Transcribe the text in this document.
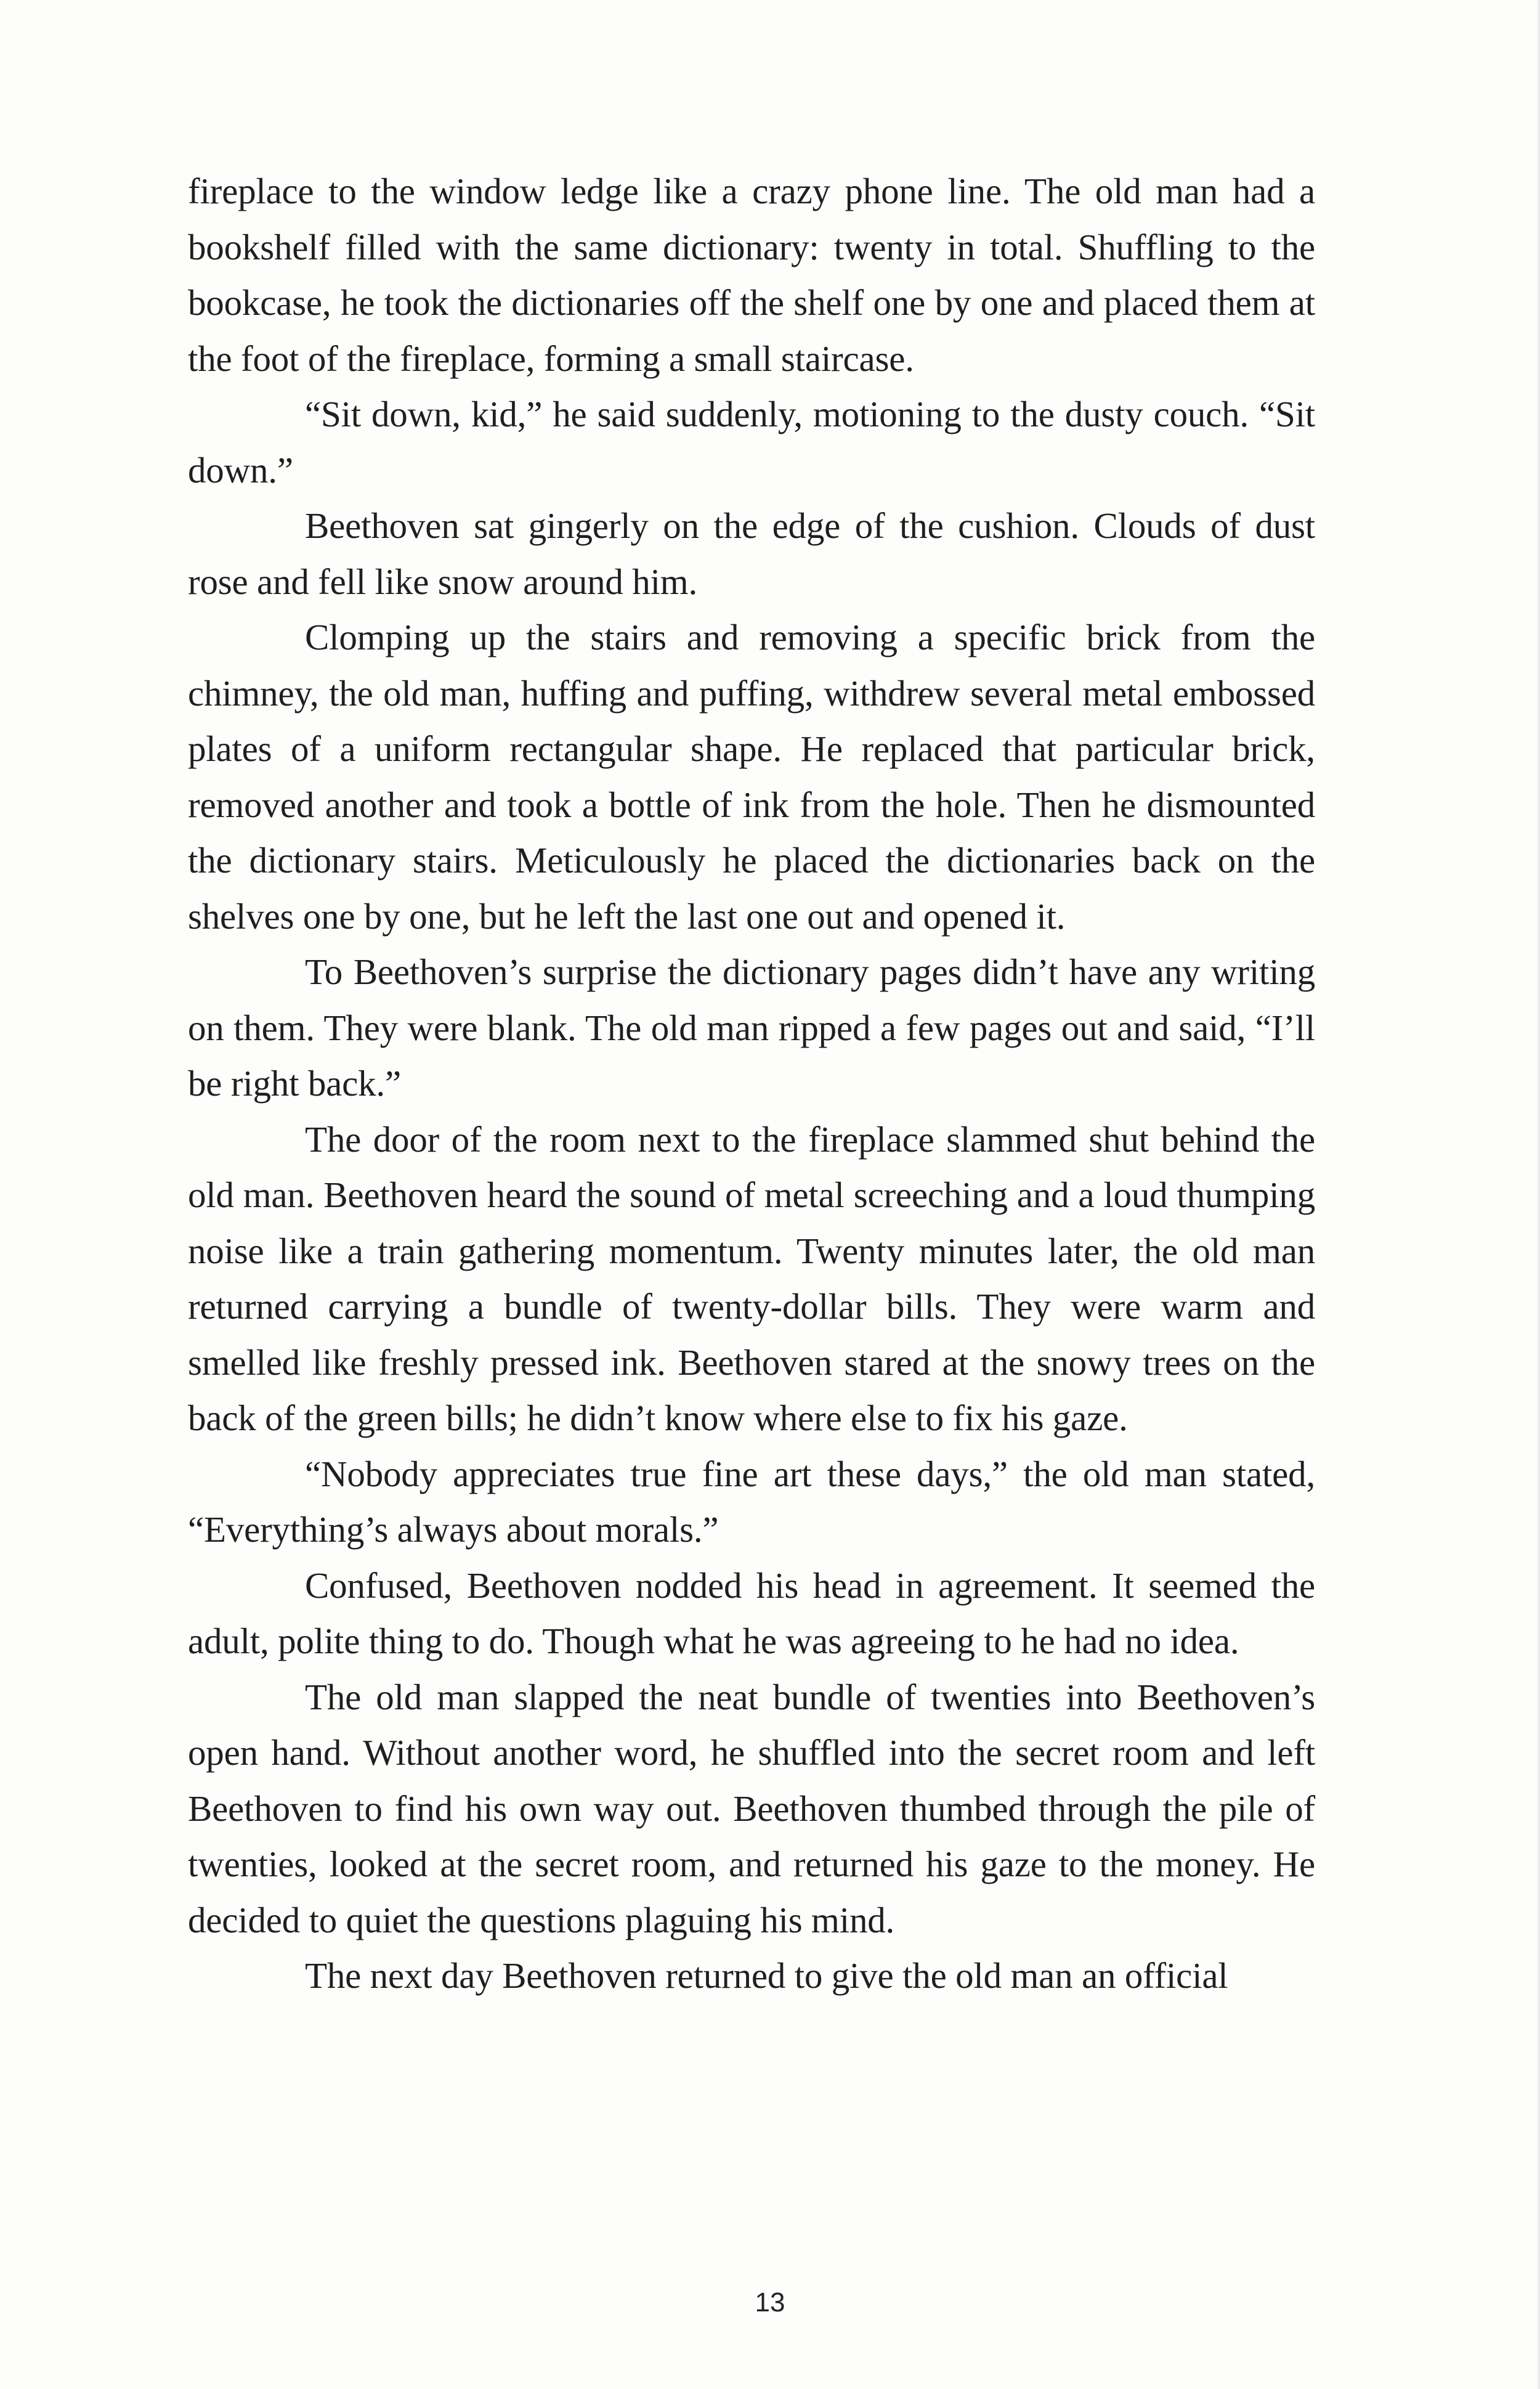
fireplace to the window ledge like a crazy phone line. The old man had a bookshelf filled with the same dictionary: twenty in total. Shuffling to the bookcase, he took the dictionaries off the shelf one by one and placed them at the foot of the fireplace, forming a small staircase.

“Sit down, kid,” he said suddenly, motioning to the dusty couch. “Sit down.”

Beethoven sat gingerly on the edge of the cushion. Clouds of dust rose and fell like snow around him.

Clomping up the stairs and removing a specific brick from the chimney, the old man, huffing and puffing, withdrew several metal embossed plates of a uniform rectangular shape. He replaced that particular brick, removed another and took a bottle of ink from the hole. Then he dismounted the dictionary stairs. Meticulously he placed the dictionaries back on the shelves one by one, but he left the last one out and opened it.

To Beethoven’s surprise the dictionary pages didn’t have any writing on them. They were blank. The old man ripped a few pages out and said, “I’ll be right back.”

The door of the room next to the fireplace slammed shut behind the old man. Beethoven heard the sound of metal screeching and a loud thumping noise like a train gathering momentum. Twenty minutes later, the old man returned carrying a bundle of twenty-dollar bills. They were warm and smelled like freshly pressed ink. Beethoven stared at the snowy trees on the back of the green bills; he didn’t know where else to fix his gaze.

“Nobody appreciates true fine art these days,” the old man stated, “Everything’s always about morals.”

Confused, Beethoven nodded his head in agreement. It seemed the adult, polite thing to do. Though what he was agreeing to he had no idea.

The old man slapped the neat bundle of twenties into Beethoven’s open hand. Without another word, he shuffled into the secret room and left Beethoven to find his own way out. Beethoven thumbed through the pile of twenties, looked at the secret room, and returned his gaze to the money. He decided to quiet the questions plaguing his mind.

The next day Beethoven returned to give the old man an official

13
